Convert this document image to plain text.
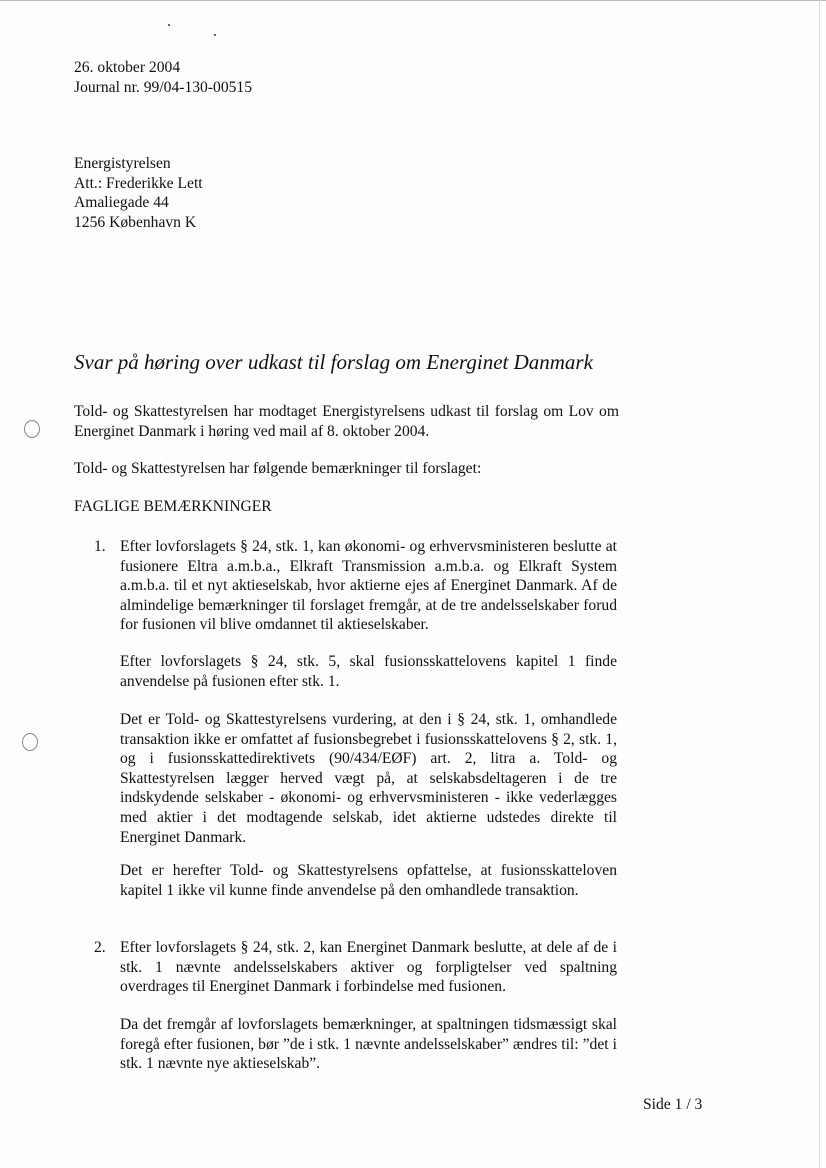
26. oktober 2004
Journal nr. 99/04-130-00515
Energistyrelsen
Att.: Frederikke Lett
Amaliegade 44
1256 København K
Svar på høring over udkast til forslag om Energinet Danmark
Told- og Skattestyrelsen har modtaget Energistyrelsens udkast til forslag om Lov om Energinet Danmark i høring ved mail af 8. oktober 2004.
Told- og Skattestyrelsen har følgende bemærkninger til forslaget:
FAGLIGE BEMÆRKNINGER
1. Efter lovforslagets § 24, stk. 1, kan økonomi- og erhvervsministeren beslutte at fusionere Eltra a.m.b.a., Elkraft Transmission a.m.b.a. og Elkraft System a.m.b.a. til et nyt aktieselskab, hvor aktierne ejes af Energinet Danmark. Af de almindelige bemærkninger til forslaget fremgår, at de tre andelsselskaber forud for fusionen vil blive omdannet til aktieselskaber.
Efter lovforslagets § 24, stk. 5, skal fusionsskattelovens kapitel 1 finde anvendelse på fusionen efter stk. 1.
Det er Told- og Skattestyrelsens vurdering, at den i § 24, stk. 1, omhandlede transaktion ikke er omfattet af fusionsbegrebet i fusionsskattelovens § 2, stk. 1, og i fusionsskattedirektivets (90/434/EØF) art. 2, litra a. Told- og Skattestyrelsen lægger herved vægt på, at selskabsdeltageren i de tre indskydende selskaber - økonomi- og erhvervsministeren - ikke vederlægges med aktier i det modtagende selskab, idet aktierne udstedes direkte til Energinet Danmark.
Det er herefter Told- og Skattestyrelsens opfattelse, at fusionsskatteloven kapitel 1 ikke vil kunne finde anvendelse på den omhandlede transaktion.
2. Efter lovforslagets § 24, stk. 2, kan Energinet Danmark beslutte, at dele af de i stk. 1 nævnte andelsselskabers aktiver og forpligtelser ved spaltning overdrages til Energinet Danmark i forbindelse med fusionen.
Da det fremgår af lovforslagets bemærkninger, at spaltningen tidsmæssigt skal foregå efter fusionen, bør ”de i stk. 1 nævnte andelsselskaber” ændres til: ”det i stk. 1 nævnte nye aktieselskab”.
Side 1 / 3
